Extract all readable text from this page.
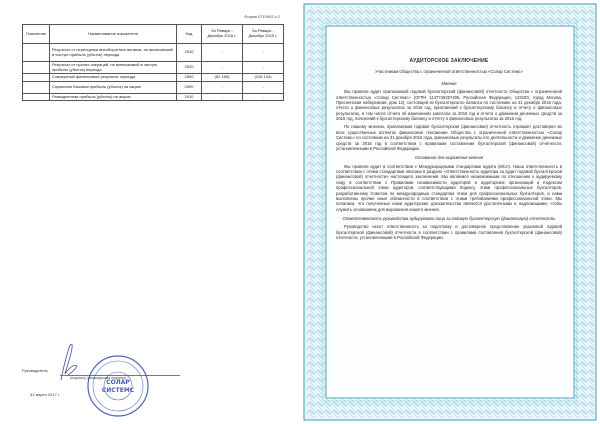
Форма 0710002 с.2
Пояснение	Наименование показателя	Код	За Январь - Декабрь 2016 г.	За Январь - Декабрь 2015 г.
	Результат от переоценки внеоборотных активов, не включаемый в чистую прибыль (убыток) периода	2510	-	-
	Результат от прочих операций, не включаемый в чистую прибыль (убыток) периода	2520	-	-
	Совокупный финансовый результат периода	2500	(82 169)	(126 144)
	Справочно Базовая прибыль (убыток) на акцию	2900	-	-
	Разводненная прибыль (убыток) на акцию	2910	-	-
Руководитель
(подпись) (расшифровка подписи)
31 марта 2017 г.
СОЛАР
СИСТЕМС
АУДИТОРСКОЕ ЗАКЛЮЧЕНИЕ
Участникам Общества с ограниченной ответственностью «Солар Системс»
Мнение

Мы провели аудит прилагаемой годовой бухгалтерской (финансовой) отчетности Общества с ограниченной ответственностью «Солар Системс» (ОГРН 1147746257405, Российская Федерация, 123100, город Москва, Пресненская набережная, дом 12), состоящей из бухгалтерского баланса по состоянию на 31 декабря 2016 года, отчета о финансовых результатах за 2016 год, приложений к бухгалтерскому балансу и отчету о финансовых результатах, в том числе отчета об изменениях капитала за 2016 год и отчета о движении денежных средств за 2016 год, пояснений к бухгалтерскому балансу и отчету о финансовых результатах за 2016 год.

По нашему мнению, прилагаемая годовая бухгалтерская (финансовая) отчетность отражает достоверно во всех существенных аспектах финансовое положение Общества с ограниченной ответственностью «Солар Системс» по состоянию на 31 декабря 2016 года, финансовые результаты его деятельности и движение денежных средств за 2016 год в соответствии с правилами составления бухгалтерской (финансовой) отчетности, установленными в Российской Федерации.

Основание для выражения мнения

Мы провели аудит в соответствии с Международными стандартами аудита (МСА). Наша ответственность в соответствии с этими стандартами описана в разделе «Ответственность аудитора за аудит годовой бухгалтерской (финансовой) отчетности» настоящего заключения. Мы являемся независимыми по отношению к аудируемому лицу в соответствии с Правилами независимости аудиторов и аудиторских организаций и Кодексом профессиональной этики аудиторов, соответствующими Кодексу этики профессиональных бухгалтеров, разработанному Советом по международным стандартам этики для профессиональных бухгалтеров, и нами выполнены прочие иные обязанности в соответствии с этими требованиями профессиональной этики. Мы полагаем, что полученные нами аудиторские доказательства являются достаточными и надлежащими, чтобы служить основанием для выражения нашего мнения.

Ответственность руководства аудируемого лица за годовую бухгалтерскую (финансовую) отчетность

Руководство несет ответственность за подготовку и достоверное представление указанной годовой бухгалтерской (финансовой) отчетности в соответствии с правилами составления бухгалтерской (финансовой) отчетности, установленными в Российской Федерации.
